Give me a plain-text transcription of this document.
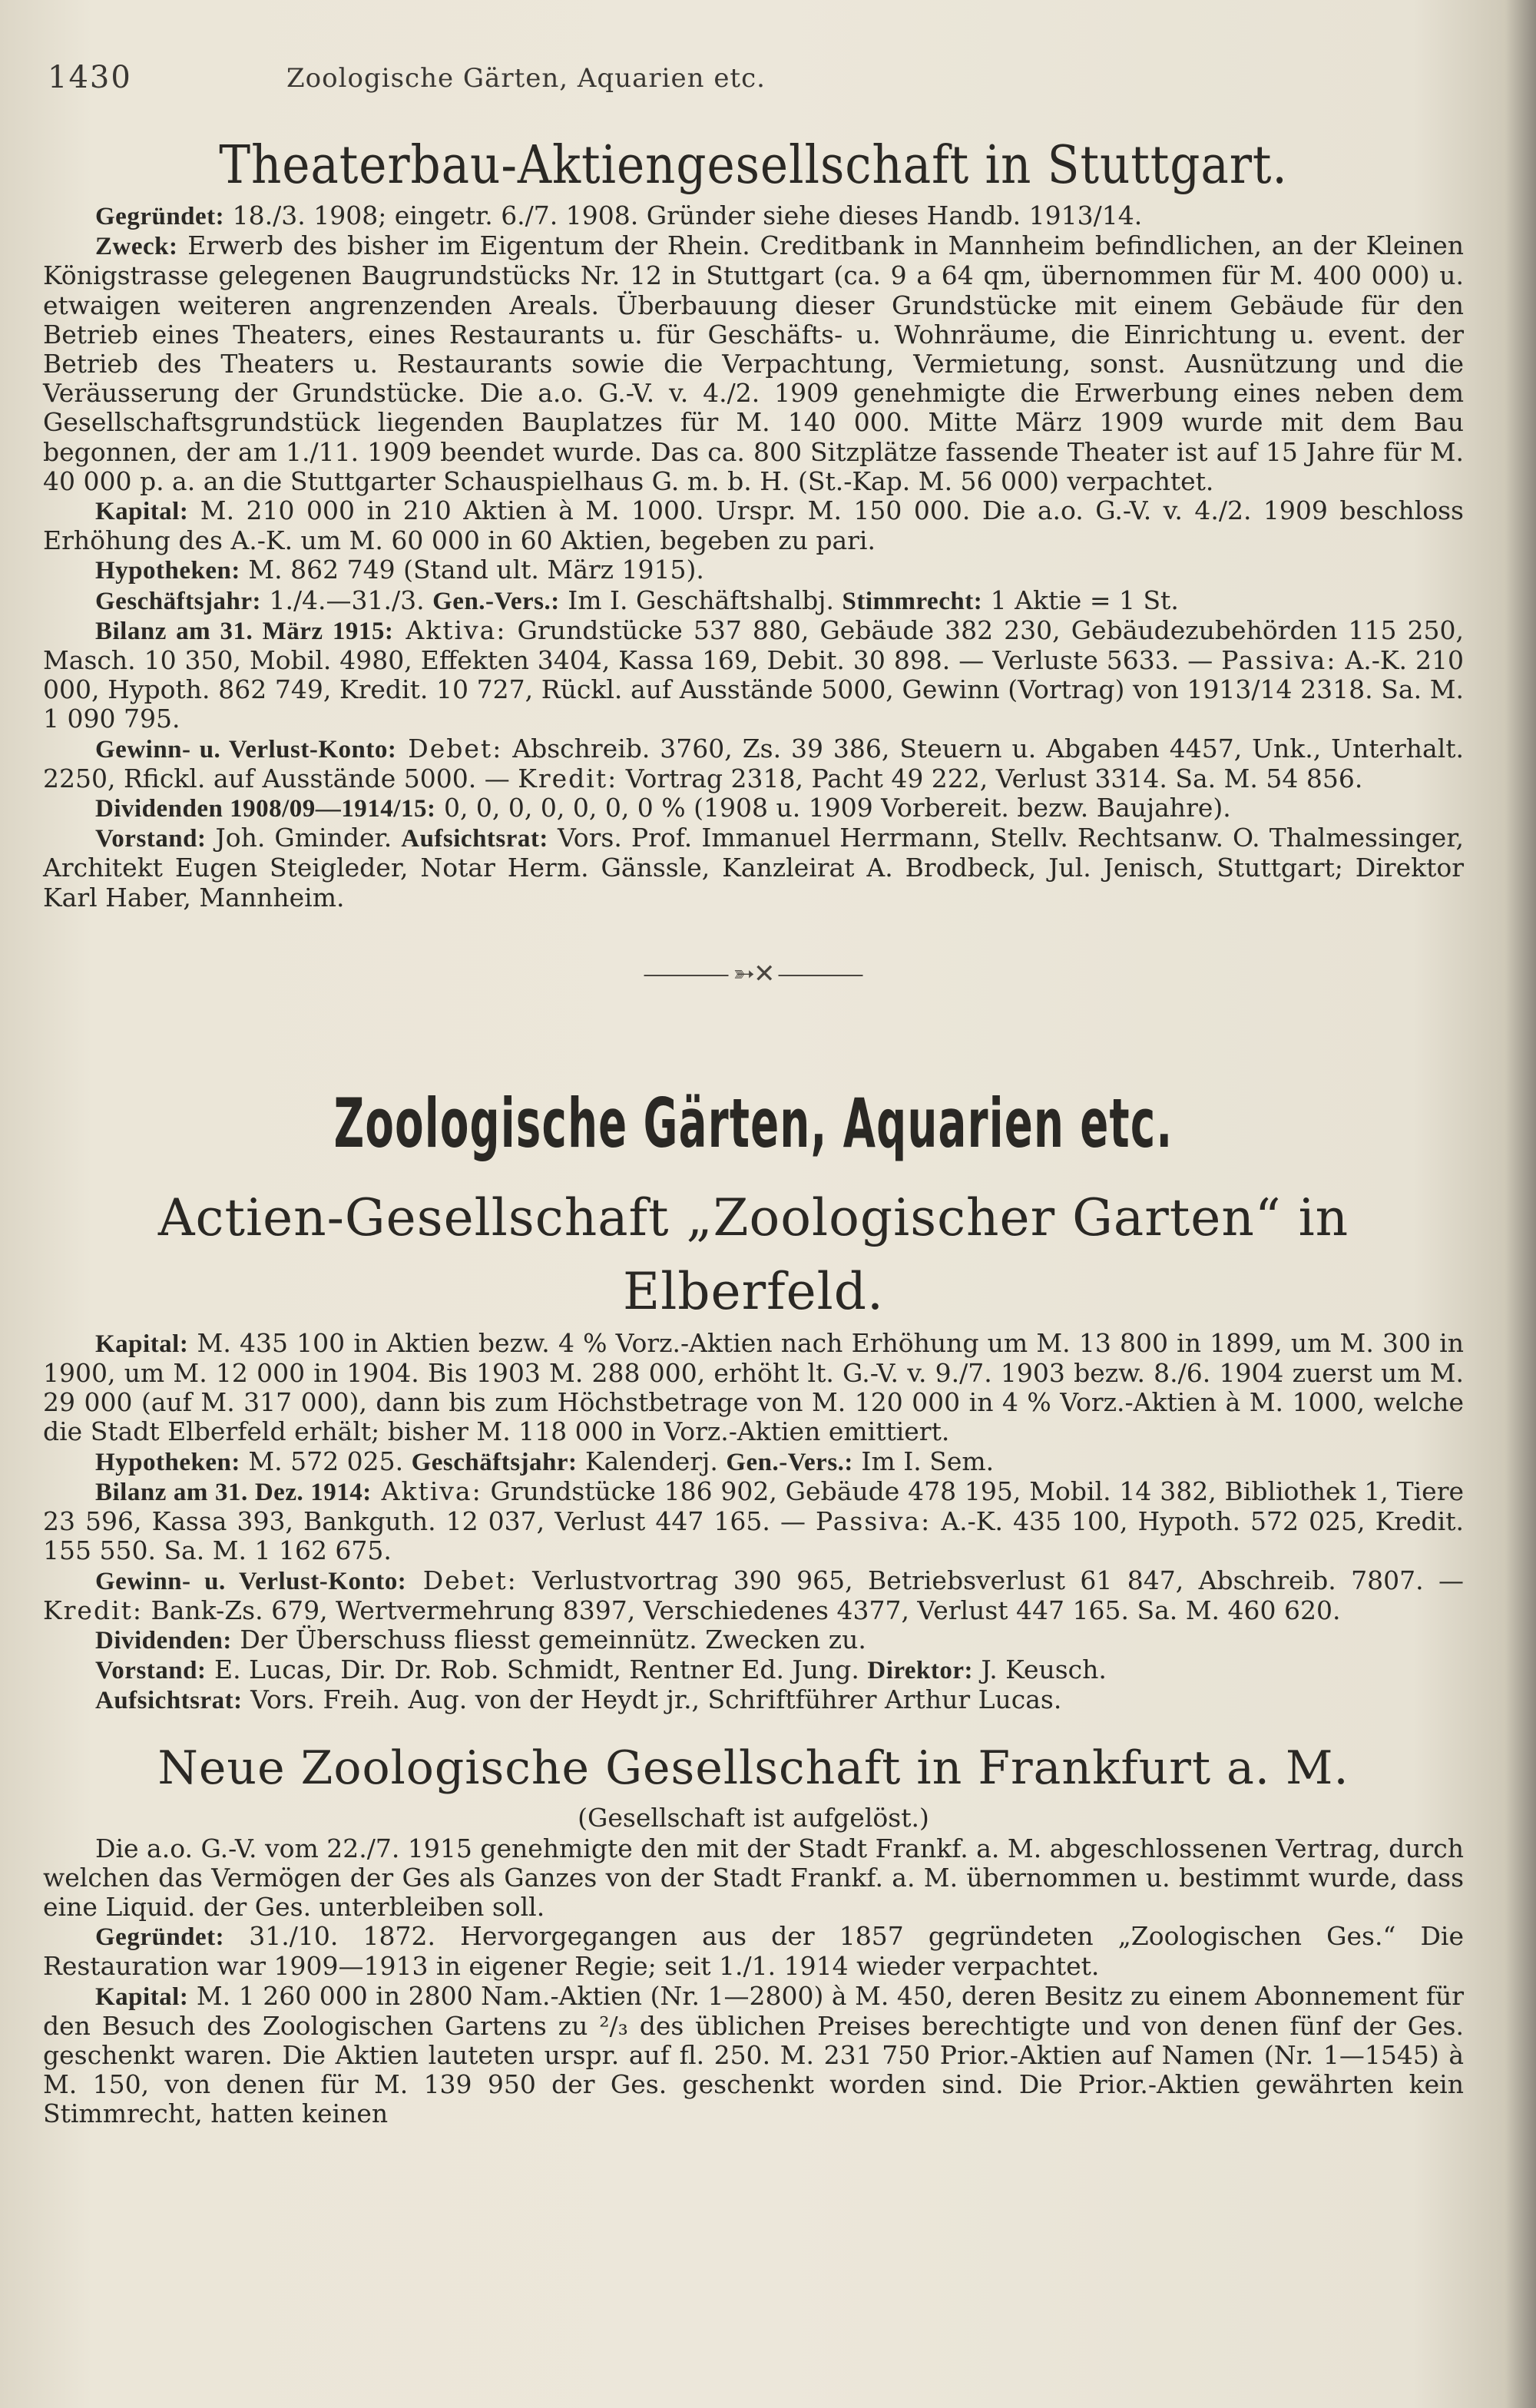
1430	Zoologische Gärten, Aquarien etc.
Theaterbau-Aktiengesellschaft in Stuttgart.

Gegründet: 18./3. 1908; eingetr. 6./7. 1908. Gründer siehe dieses Handb. 1913/14.

Zweck: Erwerb des bisher im Eigentum der Rhein. Creditbank in Mannheim befindlichen, an der Kleinen Königstrasse gelegenen Baugrundstücks Nr. 12 in Stuttgart (ca. 9 a 64 qm, übernommen für M. 400 000) u. etwaigen weiteren angrenzenden Areals. Überbauung dieser Grundstücke mit einem Gebäude für den Betrieb eines Theaters, eines Restaurants u. für Geschäfts- u. Wohnräume, die Einrichtung u. event. der Betrieb des Theaters u. Restaurants sowie die Verpachtung, Vermietung, sonst. Ausnützung und die Veräusserung der Grundstücke. Die a.o. G.-V. v. 4./2. 1909 genehmigte die Erwerbung eines neben dem Gesellschaftsgrundstück liegenden Bauplatzes für M. 140 000. Mitte März 1909 wurde mit dem Bau begonnen, der am 1./11. 1909 beendet wurde. Das ca. 800 Sitzplätze fassende Theater ist auf 15 Jahre für M. 40 000 p. a. an die Stuttgarter Schauspielhaus G. m. b. H. (St.-Kap. M. 56 000) verpachtet.

Kapital: M. 210 000 in 210 Aktien à M. 1000. Urspr. M. 150 000. Die a.o. G.-V. v. 4./2. 1909 beschloss Erhöhung des A.-K. um M. 60 000 in 60 Aktien, begeben zu pari.

Hypotheken: M. 862 749 (Stand ult. März 1915).

Geschäftsjahr: 1./4.—31./3. Gen.-Vers.: Im I. Geschäftshalbj. Stimmrecht: 1 Aktie = 1 St.

Bilanz am 31. März 1915: Aktiva: Grundstücke 537 880, Gebäude 382 230, Gebäudezubehörden 115 250, Masch. 10 350, Mobil. 4980, Effekten 3404, Kassa 169, Debit. 30 898. — Verluste 5633. — Passiva: A.-K. 210 000, Hypoth. 862 749, Kredit. 10 727, Rückl. auf Ausstände 5000, Gewinn (Vortrag) von 1913/14 2318. Sa. M. 1 090 795.

Gewinn- u. Verlust-Konto: Debet: Abschreib. 3760, Zs. 39 386, Steuern u. Abgaben 4457, Unk., Unterhalt. 2250, Rfickl. auf Ausstände 5000. — Kredit: Vortrag 2318, Pacht 49 222, Verlust 3314. Sa. M. 54 856.

Dividenden 1908/09—1914/15: 0, 0, 0, 0, 0, 0, 0 % (1908 u. 1909 Vorbereit. bezw. Baujahre).

Vorstand: Joh. Gminder. Aufsichtsrat: Vors. Prof. Immanuel Herrmann, Stellv. Rechtsanw. O. Thalmessinger, Architekt Eugen Steigleder, Notar Herm. Gänssle, Kanzleirat A. Brodbeck, Jul. Jenisch, Stuttgart; Direktor Karl Haber, Mannheim.

➳✕
Zoologische Gärten, Aquarien etc.
Actien-Gesellschaft „Zoologischer Garten“ in Elberfeld.

Kapital: M. 435 100 in Aktien bezw. 4 % Vorz.-Aktien nach Erhöhung um M. 13 800 in 1899, um M. 300 in 1900, um M. 12 000 in 1904. Bis 1903 M. 288 000, erhöht lt. G.-V. v. 9./7. 1903 bezw. 8./6. 1904 zuerst um M. 29 000 (auf M. 317 000), dann bis zum Höchstbetrage von M. 120 000 in 4 % Vorz.-Aktien à M. 1000, welche die Stadt Elberfeld erhält; bisher M. 118 000 in Vorz.-Aktien emittiert.

Hypotheken: M. 572 025. Geschäftsjahr: Kalenderj. Gen.-Vers.: Im I. Sem.

Bilanz am 31. Dez. 1914: Aktiva: Grundstücke 186 902, Gebäude 478 195, Mobil. 14 382, Bibliothek 1, Tiere 23 596, Kassa 393, Bankguth. 12 037, Verlust 447 165. — Passiva: A.-K. 435 100, Hypoth. 572 025, Kredit. 155 550. Sa. M. 1 162 675.

Gewinn- u. Verlust-Konto: Debet: Verlustvortrag 390 965, Betriebsverlust 61 847, Abschreib. 7807. — Kredit: Bank-Zs. 679, Wertvermehrung 8397, Verschiedenes 4377, Verlust 447 165. Sa. M. 460 620.

Dividenden: Der Überschuss fliesst gemeinnütz. Zwecken zu.

Vorstand: E. Lucas, Dir. Dr. Rob. Schmidt, Rentner Ed. Jung. Direktor: J. Keusch.

Aufsichtsrat: Vors. Freih. Aug. von der Heydt jr., Schriftführer Arthur Lucas.

Neue Zoologische Gesellschaft in Frankfurt a. M.

(Gesellschaft ist aufgelöst.)

Die a.o. G.-V. vom 22./7. 1915 genehmigte den mit der Stadt Frankf. a. M. abgeschlossenen Vertrag, durch welchen das Vermögen der Ges als Ganzes von der Stadt Frankf. a. M. übernommen u. bestimmt wurde, dass eine Liquid. der Ges. unterbleiben soll.

Gegründet: 31./10. 1872. Hervorgegangen aus der 1857 gegründeten „Zoologischen Ges.“ Die Restauration war 1909—1913 in eigener Regie; seit 1./1. 1914 wieder verpachtet.

Kapital: M. 1 260 000 in 2800 Nam.-Aktien (Nr. 1—2800) à M. 450, deren Besitz zu einem Abonnement für den Besuch des Zoologischen Gartens zu ²/₃ des üblichen Preises berechtigte und von denen fünf der Ges. geschenkt waren. Die Aktien lauteten urspr. auf fl. 250. M. 231 750 Prior.-Aktien auf Namen (Nr. 1—1545) à M. 150, von denen für M. 139 950 der Ges. geschenkt worden sind. Die Prior.-Aktien gewährten kein Stimmrecht, hatten keinen
